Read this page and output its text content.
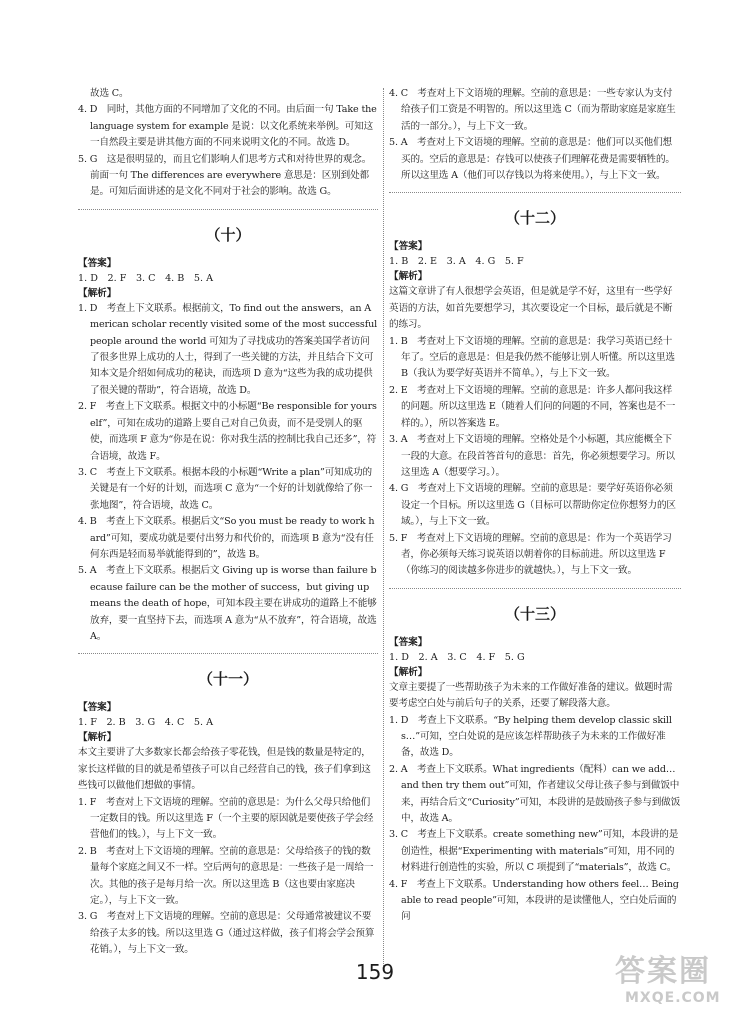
故选 C。

4. D　同时，其他方面的不同增加了文化的不同。由后面一句 Take the language system for example 是说：以文化系统来举例。可知这一自然段主要是讲其他方面的不同来说明文化的不同。故选 D。

5. G　这是很明显的，而且它们影响人们思考方式和对待世界的观念。前面一句 The differences are everywhere 意思是：区别到处都是。可知后面讲述的是文化不同对于社会的影响。故选 G。

（十）

【答案】

1. D　2. F　3. C　4. B　5. A

【解析】

1. D　考查上下文联系。根据前文，To find out the answers，an American scholar recently visited some of the most successful people around the world 可知为了寻找成功的答案美国学者访问了很多世界上成功的人士，得到了一些关键的方法，并且结合下文可知本文是介绍如何成功的秘诀，而选项 D 意为“这些为我的成功提供了很关键的帮助”，符合语境，故选 D。

2. F　考查上下文联系。根据文中的小标题“Be responsible for yourself”，可知在成功的道路上要自己对自己负责，而不是受别人的驱使，而选项 F 意为“你是在说：你对我生活的控制比我自己还多”，符合语境，故选 F。

3. C　考查上下文联系。根据本段的小标题“Write a plan”可知成功的关键是有一个好的计划，而选项 C 意为“一个好的计划就像给了你一张地图”，符合语境，故选 C。

4. B　考查上下文联系。根据后文“So you must be ready to work hard”可知，要成功就是要付出努力和代价的，而选项 B 意为“没有任何东西是轻而易举就能得到的”，故选 B。

5. A　考查上下文联系。根据后文 Giving up is worse than failure because failure can be the mother of success，but giving up means the death of hope，可知本段主要在讲成功的道路上不能够放弃，要一直坚持下去，而选项 A 意为“从不放弃”，符合语境，故选 A。

（十一）

【答案】

1. F　2. B　3. G　4. C　5. A

【解析】

本文主要讲了大多数家长都会给孩子零花钱，但是钱的数量是特定的，家长这样做的目的就是希望孩子可以自己经营自己的钱，孩子们拿到这些钱可以做他们想做的事情。

1. F　考查对上下文语境的理解。空前的意思是：为什么父母只给他们一定数目的钱。所以这里选 F（一个主要的原因就是要使孩子学会经营他们的钱。），与上下文一致。

2. B　考查对上下文语境的理解。空前的意思是：父母给孩子的钱的数量每个家庭之间又不一样。空后两句的意思是：一些孩子是一周给一次。其他的孩子是每月给一次。所以这里选 B（这也要由家庭决定。），与上下文一致。

3. G　考查对上下文语境的理解。空前的意思是：父母通常被建议不要给孩子太多的钱。所以这里选 G（通过这样做，孩子们将会学会预算花销。），与上下文一致。

4. C　考查对上下文语境的理解。空前的意思是：一些专家认为支付给孩子们工资是不明智的。所以这里选 C（而为帮助家庭是家庭生活的一部分。），与上下文一致。

5. A　考查对上下文语境的理解。空前的意思是：他们可以买他们想买的。空后的意思是：存钱可以使孩子们理解花费是需要牺牲的。所以这里选 A（他们可以存钱以为将来使用。），与上下文一致。

（十二）

【答案】

1. B　2. E　3. A　4. G　5. F

【解析】

这篇文章讲了有人很想学会英语，但是就是学不好，这里有一些学好英语的方法，如首先要想学习，其次要设定一个目标，最后就是不断的练习。

1. B　考查对上下文语境的理解。空前的意思是：我学习英语已经十年了。空后的意思是：但是我仍然不能够让别人听懂。所以这里选 B（我认为要学好英语并不简单。），与上下文一致。

2. E　考查对上下文语境的理解。空前的意思是：许多人都问我这样的问题。所以这里选 E（随着人们问的问题的不同，答案也是不一样的。），所以答案选 E。

3. A　考查对上下文语境的理解。空格处是个小标题，其应能概全下一段的大意。在段首答首句的意思：首先，你必须想要学习。所以这里选 A（想要学习。）。

4. G　考查对上下文语境的理解。空前的意思是：要学好英语你必须设定一个目标。所以这里选 G（目标可以帮助你定位你想努力的区域。），与上下文一致。

5. F　考查对上下文语境的理解。空前的意思是：作为一个英语学习者，你必须每天练习说英语以朝着你的目标前进。所以这里选 F（你练习的阅读越多你进步的就越快。），与上下文一致。

（十三）

【答案】

1. D　2. A　3. C　4. F　5. G

【解析】

文章主要提了一些帮助孩子为未来的工作做好准备的建议。做题时需要考虑空白处与前后句子的关系，还要了解段落大意。

1. D　考查上下文联系。“By helping them develop classic skills…”可知，空白处说的是应该怎样帮助孩子为未来的工作做好准备，故选 D。

2. A　考查上下文联系。What ingredients（配料）can we add… and then try them out”可知，作者建议父母让孩子参与到做饭中来，再结合后文“Curiosity”可知，本段讲的是鼓励孩子参与到做饭中，故选 A。

3. C　考查上下文联系。create something new”可知，本段讲的是创造性，根据“Experimenting with materials”可知，用不同的材料进行创造性的实验，所以 C 项提到了“materials”，故选 C。

4. F　考查上下文联系。Understanding how others feel… Being able to read people”可知，本段讲的是读懂他人，空白处后面的问

159	答案圈
MXQE.COM
